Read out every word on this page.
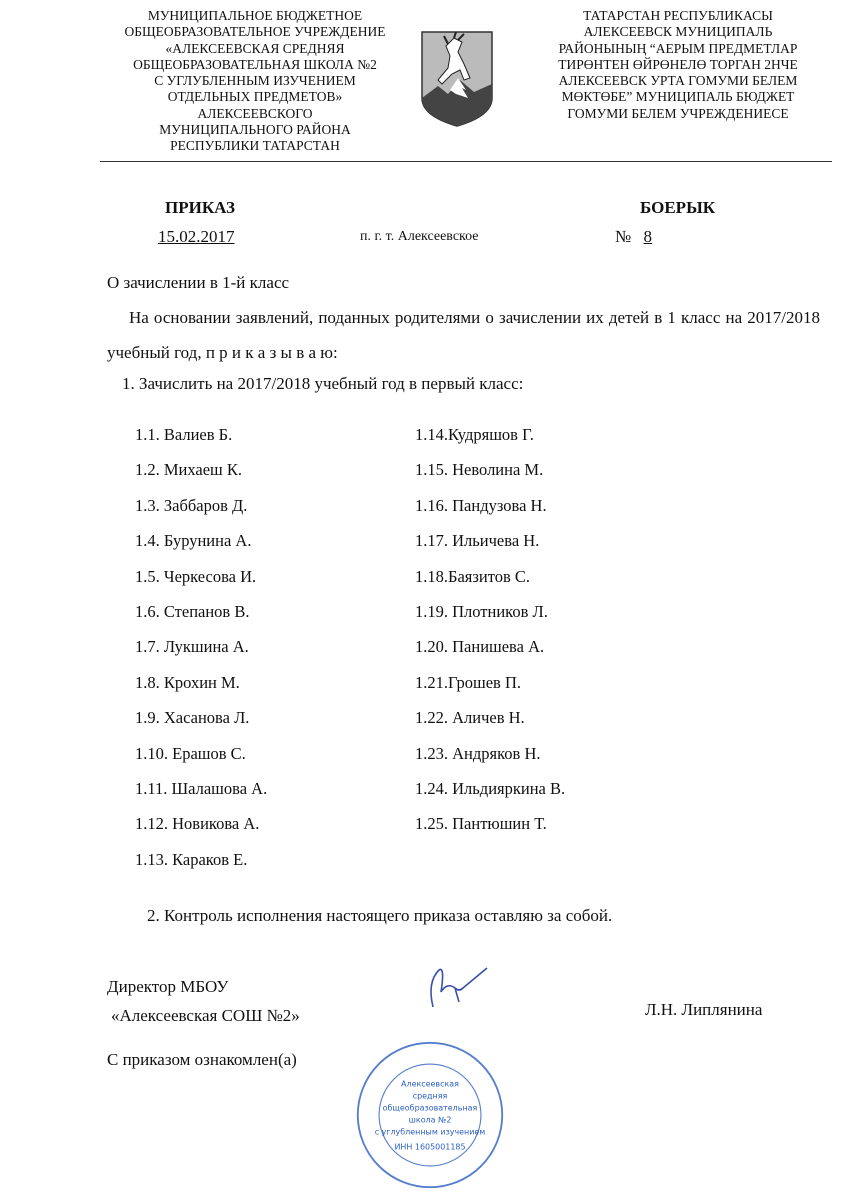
МУНИЦИПАЛЬНОЕ БЮДЖЕТНОЕ
ОБЩЕОБРАЗОВАТЕЛЬНОЕ УЧРЕЖДЕНИЕ
«АЛЕКСЕЕВСКАЯ СРЕДНЯЯ
ОБЩЕОБРАЗОВАТЕЛЬНАЯ ШКОЛА №2
С УГЛУБЛЕННЫМ ИЗУЧЕНИЕМ
ОТДЕЛЬНЫХ ПРЕДМЕТОВ»
АЛЕКСЕЕВСКОГО
МУНИЦИПАЛЬНОГО РАЙОНА
РЕСПУБЛИКИ ТАТАРСТАН
ТАТАРСТАН РЕСПУБЛИКАСЫ
АЛЕКСЕЕВСК МУНИЦИПАЛЬ
РАЙОНЫНЫҢ “АЕРЫМ ПРЕДМЕТЛАР
ТИРӨНТЕН ӨЙРӨНЕЛӨ ТОРГАН 2НЧЕ
АЛЕКСЕЕВСК УРТА ГОМУМИ БЕЛЕМ
МӨКТӨБЕ” МУНИЦИПАЛЬ БЮДЖЕТ
ГОМУМИ БЕЛЕМ УЧРЕЖДЕНИЕСЕ
ПРИКАЗ	БОЕРЫК
15.02.2017	п. г. т. Алексеевское	№ 8
О зачислении в 1-й класс
На основании заявлений, поданных родителями о зачислении их детей в 1 класс на 2017/2018 учебный год, п р и к а з ы в а ю:
1. Зачислить на 2017/2018 учебный год в первый класс:
1.1. Валиев Б.
1.2. Михаеш К.
1.3. Заббаров Д.
1.4. Бурунина А.
1.5. Черкесова И.
1.6. Степанов В.
1.7. Лукшина А.
1.8. Крохин М.
1.9. Хасанова Л.
1.10. Ерашов С.
1.11. Шалашова А.
1.12. Новикова А.
1.13. Караков Е.
1.14.Кудряшов Г.
1.15. Неволина М.
1.16. Пандузова Н.
1.17. Ильичева Н.
1.18.Баязитов С.
1.19. Плотников Л.
1.20. Панишева А.
1.21.Грошев П.
1.22. Аличев Н.
1.23. Андряков Н.
1.24. Ильдияркина В.
1.25. Пантюшин Т.
2. Контроль исполнения настоящего приказа оставляю за собой.
Директор МБОУ
«Алексеевская СОШ №2»	Л.Н. Липлянина
С приказом ознакомлен(а)
Алексеевская
средняя
общеобразовательная
школа №2
с углубленным изучением
ИНН 1605001185
